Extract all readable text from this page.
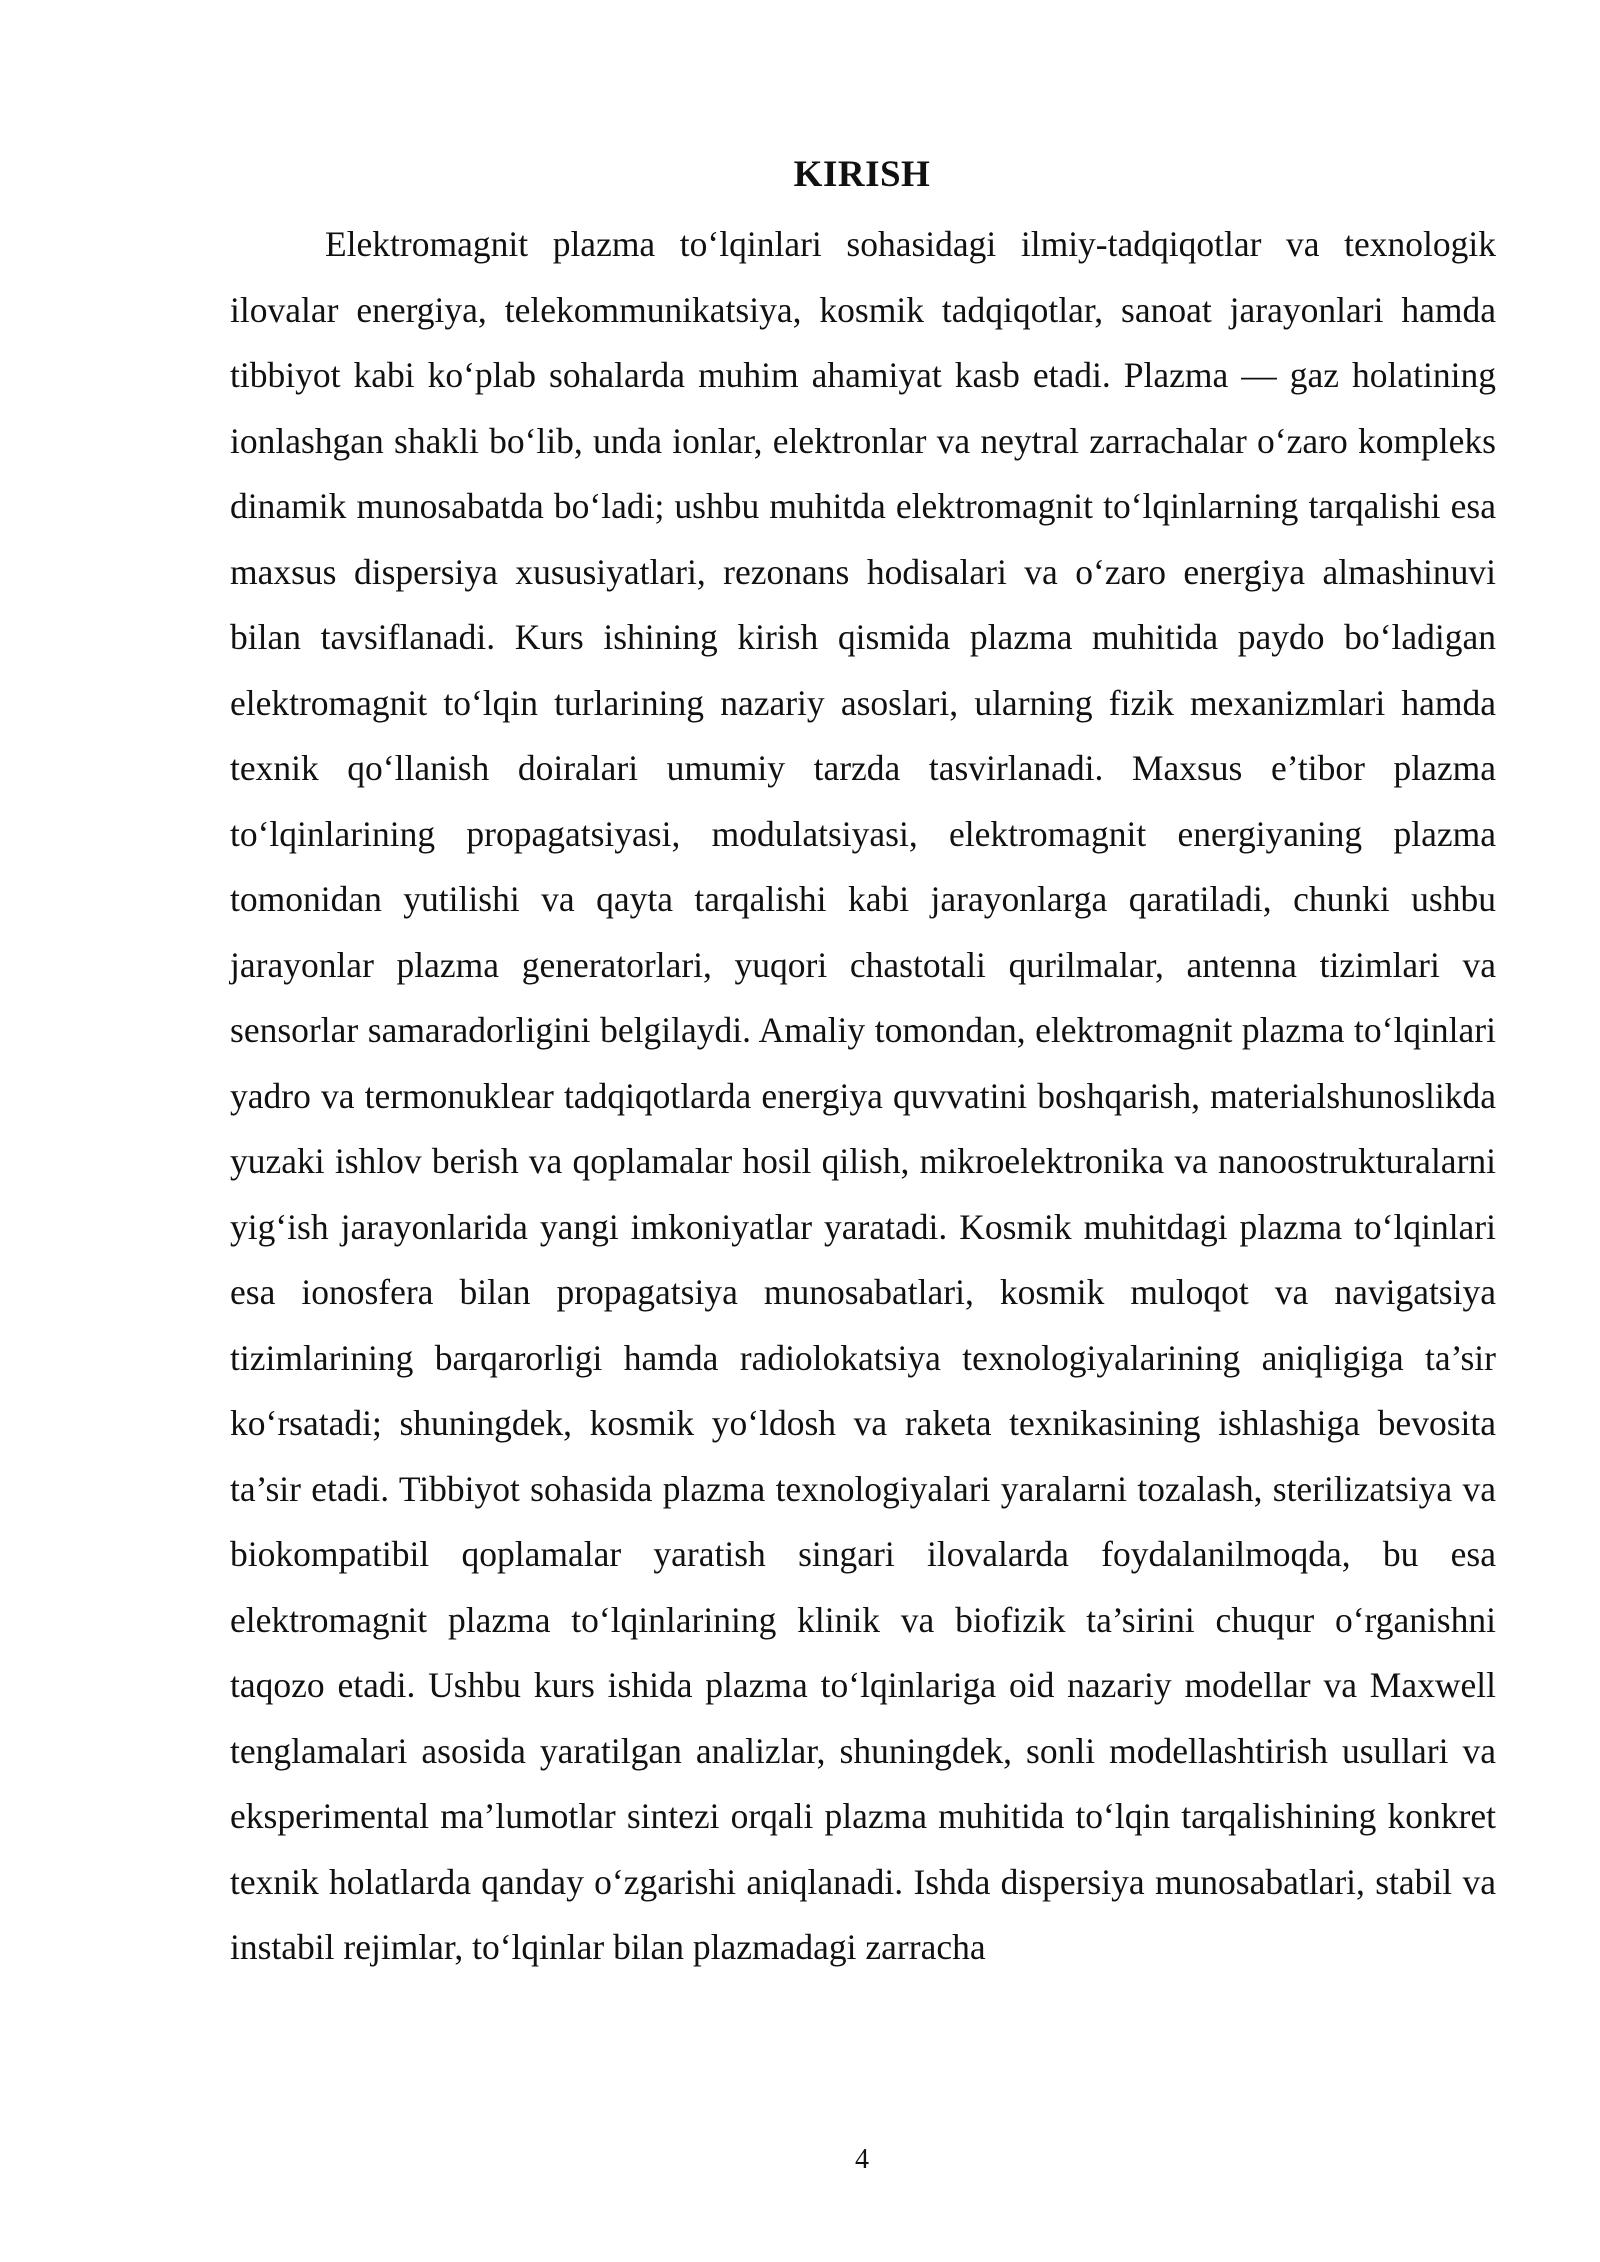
KIRISH

Elektromagnit plazma to‘lqinlari sohasidagi ilmiy-tadqiqotlar va texnologik ilovalar energiya, telekommunikatsiya, kosmik tadqiqotlar, sanoat jarayonlari hamda tibbiyot kabi ko‘plab sohalarda muhim ahamiyat kasb etadi. Plazma — gaz holatining ionlashgan shakli bo‘lib, unda ionlar, elektronlar va neytral zarrachalar o‘zaro kompleks dinamik munosabatda bo‘ladi; ushbu muhitda elektromagnit to‘lqinlarning tarqalishi esa maxsus dispersiya xususiyatlari, rezonans hodisalari va o‘zaro energiya almashinuvi bilan tavsiflanadi. Kurs ishining kirish qismida plazma muhitida paydo bo‘ladigan elektromagnit to‘lqin turlarining nazariy asoslari, ularning fizik mexanizmlari hamda texnik qo‘llanish doiralari umumiy tarzda tasvirlanadi. Maxsus e’tibor plazma to‘lqinlarining propagatsiyasi, modulatsiyasi, elektromagnit energiyaning plazma tomonidan yutilishi va qayta tarqalishi kabi jarayonlarga qaratiladi, chunki ushbu jarayonlar plazma generatorlari, yuqori chastotali qurilmalar, antenna tizimlari va sensorlar samaradorligini belgilaydi. Amaliy tomondan, elektromagnit plazma to‘lqinlari yadro va termonuklear tadqiqotlarda energiya quvvatini boshqarish, materialshunoslikda yuzaki ishlov berish va qoplamalar hosil qilish, mikroelektronika va nanoostrukturalarni yig‘ish jarayonlarida yangi imkoniyatlar yaratadi. Kosmik muhitdagi plazma to‘lqinlari esa ionosfera bilan propagatsiya munosabatlari, kosmik muloqot va navigatsiya tizimlarining barqarorligi hamda radiolokatsiya texnologiyalarining aniqligiga ta’sir ko‘rsatadi; shuningdek, kosmik yo‘ldosh va raketa texnikasining ishlashiga bevosita ta’sir etadi. Tibbiyot sohasida plazma texnologiyalari yaralarni tozalash, sterilizatsiya va biokompatibil qoplamalar yaratish singari ilovalarda foydalanilmoqda, bu esa elektromagnit plazma to‘lqinlarining klinik va biofizik ta’sirini chuqur o‘rganishni taqozo etadi. Ushbu kurs ishida plazma to‘lqinlariga oid nazariy modellar va Maxwell tenglamalari asosida yaratilgan analizlar, shuningdek, sonli modellashtirish usullari va eksperimental ma’lumotlar sintezi orqali plazma muhitida to‘lqin tarqalishining konkret texnik holatlarda qanday o‘zgarishi aniqlanadi. Ishda dispersiya munosabatlari, stabil va instabil rejimlar, to‘lqinlar bilan plazmadagi zarracha

4
